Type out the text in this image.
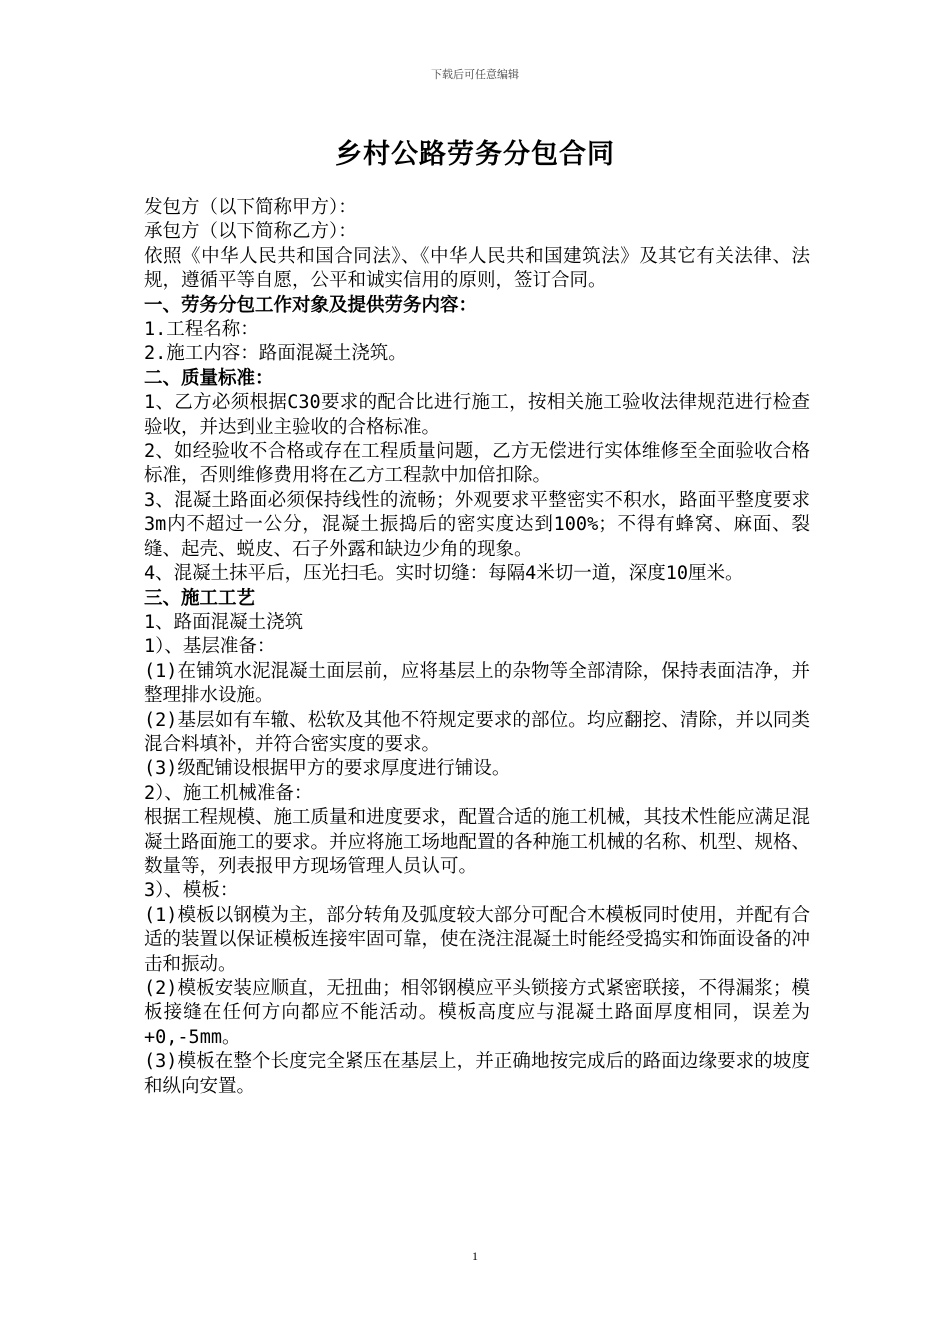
下载后可任意编辑
乡村公路劳务分包合同

发包方（以下简称甲方）：

承包方（以下简称乙方）：

依照《中华人民共和国合同法》、《中华人民共和国建筑法》及其它有关法律、法规，遵循平等自愿，公平和诚实信用的原则，签订合同。

一、劳务分包工作对象及提供劳务内容：

1.工程名称：

2.施工内容：路面混凝土浇筑。

二、质量标准：

1、乙方必须根据C30要求的配合比进行施工，按相关施工验收法律规范进行检查验收，并达到业主验收的合格标准。

2、如经验收不合格或存在工程质量问题，乙方无偿进行实体维修至全面验收合格标准，否则维修费用将在乙方工程款中加倍扣除。

3、混凝土路面必须保持线性的流畅；外观要求平整密实不积水，路面平整度要求3m内不超过一公分，混凝土振捣后的密实度达到100%；不得有蜂窝、麻面、裂缝、起壳、蜕皮、石子外露和缺边少角的现象。

4、混凝土抹平后，压光扫毛。实时切缝：每隔4米切一道，深度10厘米。

三、施工工艺

1、路面混凝土浇筑

1）、基层准备：

(1)在铺筑水泥混凝土面层前，应将基层上的杂物等全部清除，保持表面洁净，并整理排水设施。

(2)基层如有车辙、松软及其他不符规定要求的部位。均应翻挖、清除，并以同类混合料填补，并符合密实度的要求。

(3)级配铺设根据甲方的要求厚度进行铺设。

2）、施工机械准备：

根据工程规模、施工质量和进度要求，配置合适的施工机械，其技术性能应满足混凝土路面施工的要求。并应将施工场地配置的各种施工机械的名称、机型、规格、数量等，列表报甲方现场管理人员认可。

3）、模板：

(1)模板以钢模为主，部分转角及弧度较大部分可配合木模板同时使用，并配有合适的装置以保证模板连接牢固可靠，使在浇注混凝土时能经受捣实和饰面设备的冲击和振动。

(2)模板安装应顺直，无扭曲；相邻钢模应平头锁接方式紧密联接，不得漏浆；模板接缝在任何方向都应不能活动。模板高度应与混凝土路面厚度相同，误差为+0,-5mm。

(3)模板在整个长度完全紧压在基层上，并正确地按完成后的路面边缘要求的坡度和纵向安置。

1
